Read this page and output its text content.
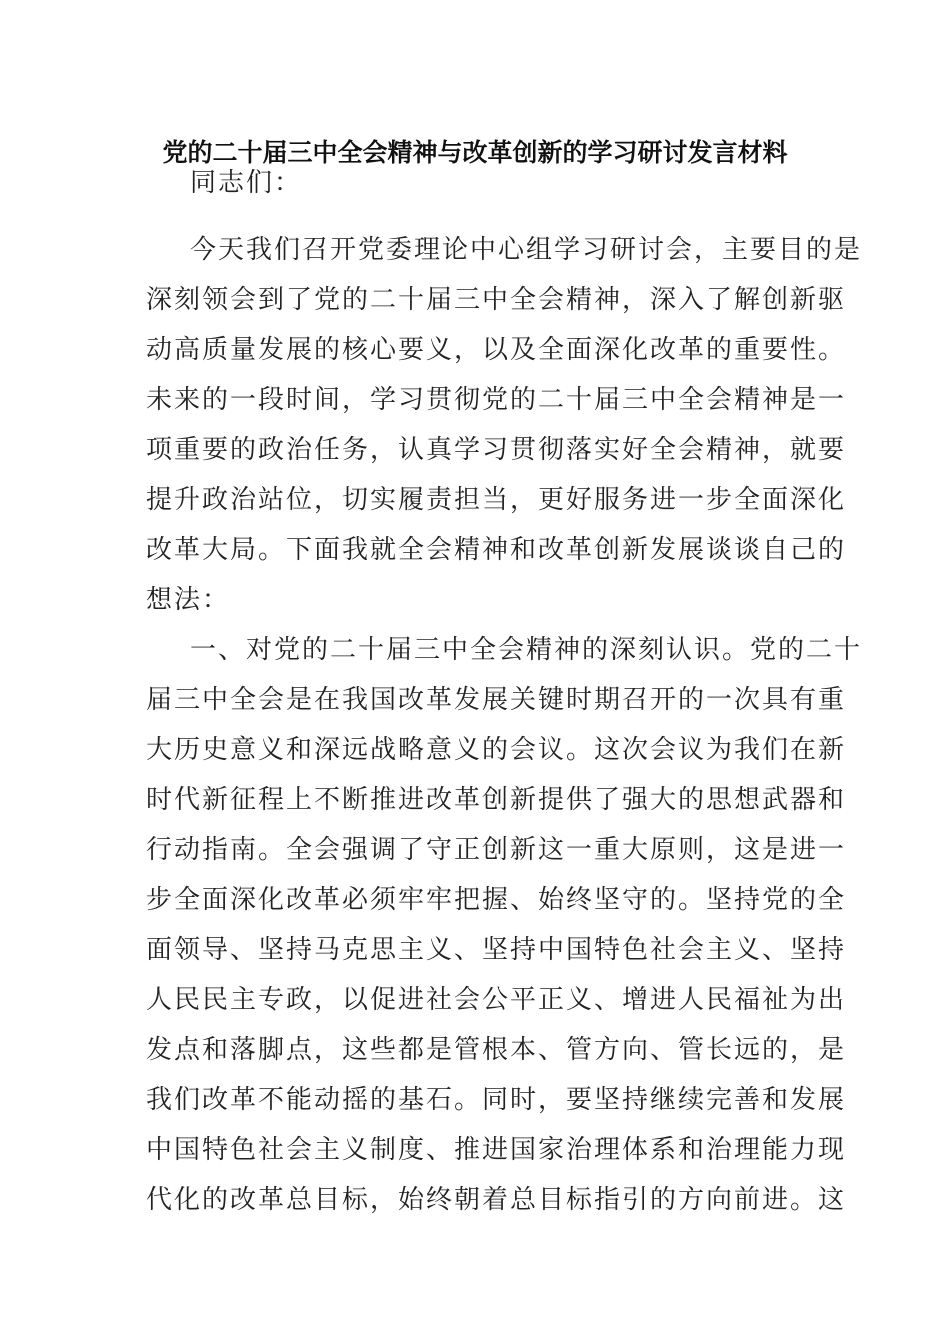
党的二十届三中全会精神与改革创新的学习研讨发言材料
同志们：
今天我们召开党委理论中心组学习研讨会，主要目的是
深刻领会到了党的二十届三中全会精神，深入了解创新驱
动高质量发展的核心要义，以及全面深化改革的重要性。
未来的一段时间，学习贯彻党的二十届三中全会精神是一
项重要的政治任务，认真学习贯彻落实好全会精神，就要
提升政治站位，切实履责担当，更好服务进一步全面深化
改革大局。下面我就全会精神和改革创新发展谈谈自己的
想法：
一、对党的二十届三中全会精神的深刻认识。党的二十
届三中全会是在我国改革发展关键时期召开的一次具有重
大历史意义和深远战略意义的会议。这次会议为我们在新
时代新征程上不断推进改革创新提供了强大的思想武器和
行动指南。全会强调了守正创新这一重大原则，这是进一
步全面深化改革必须牢牢把握、始终坚守的。坚持党的全
面领导、坚持马克思主义、坚持中国特色社会主义、坚持
人民民主专政，以促进社会公平正义、增进人民福祉为出
发点和落脚点，这些都是管根本、管方向、管长远的，是
我们改革不能动摇的基石。同时，要坚持继续完善和发展
中国特色社会主义制度、推进国家治理体系和治理能力现
代化的改革总目标，始终朝着总目标指引的方向前进。这
